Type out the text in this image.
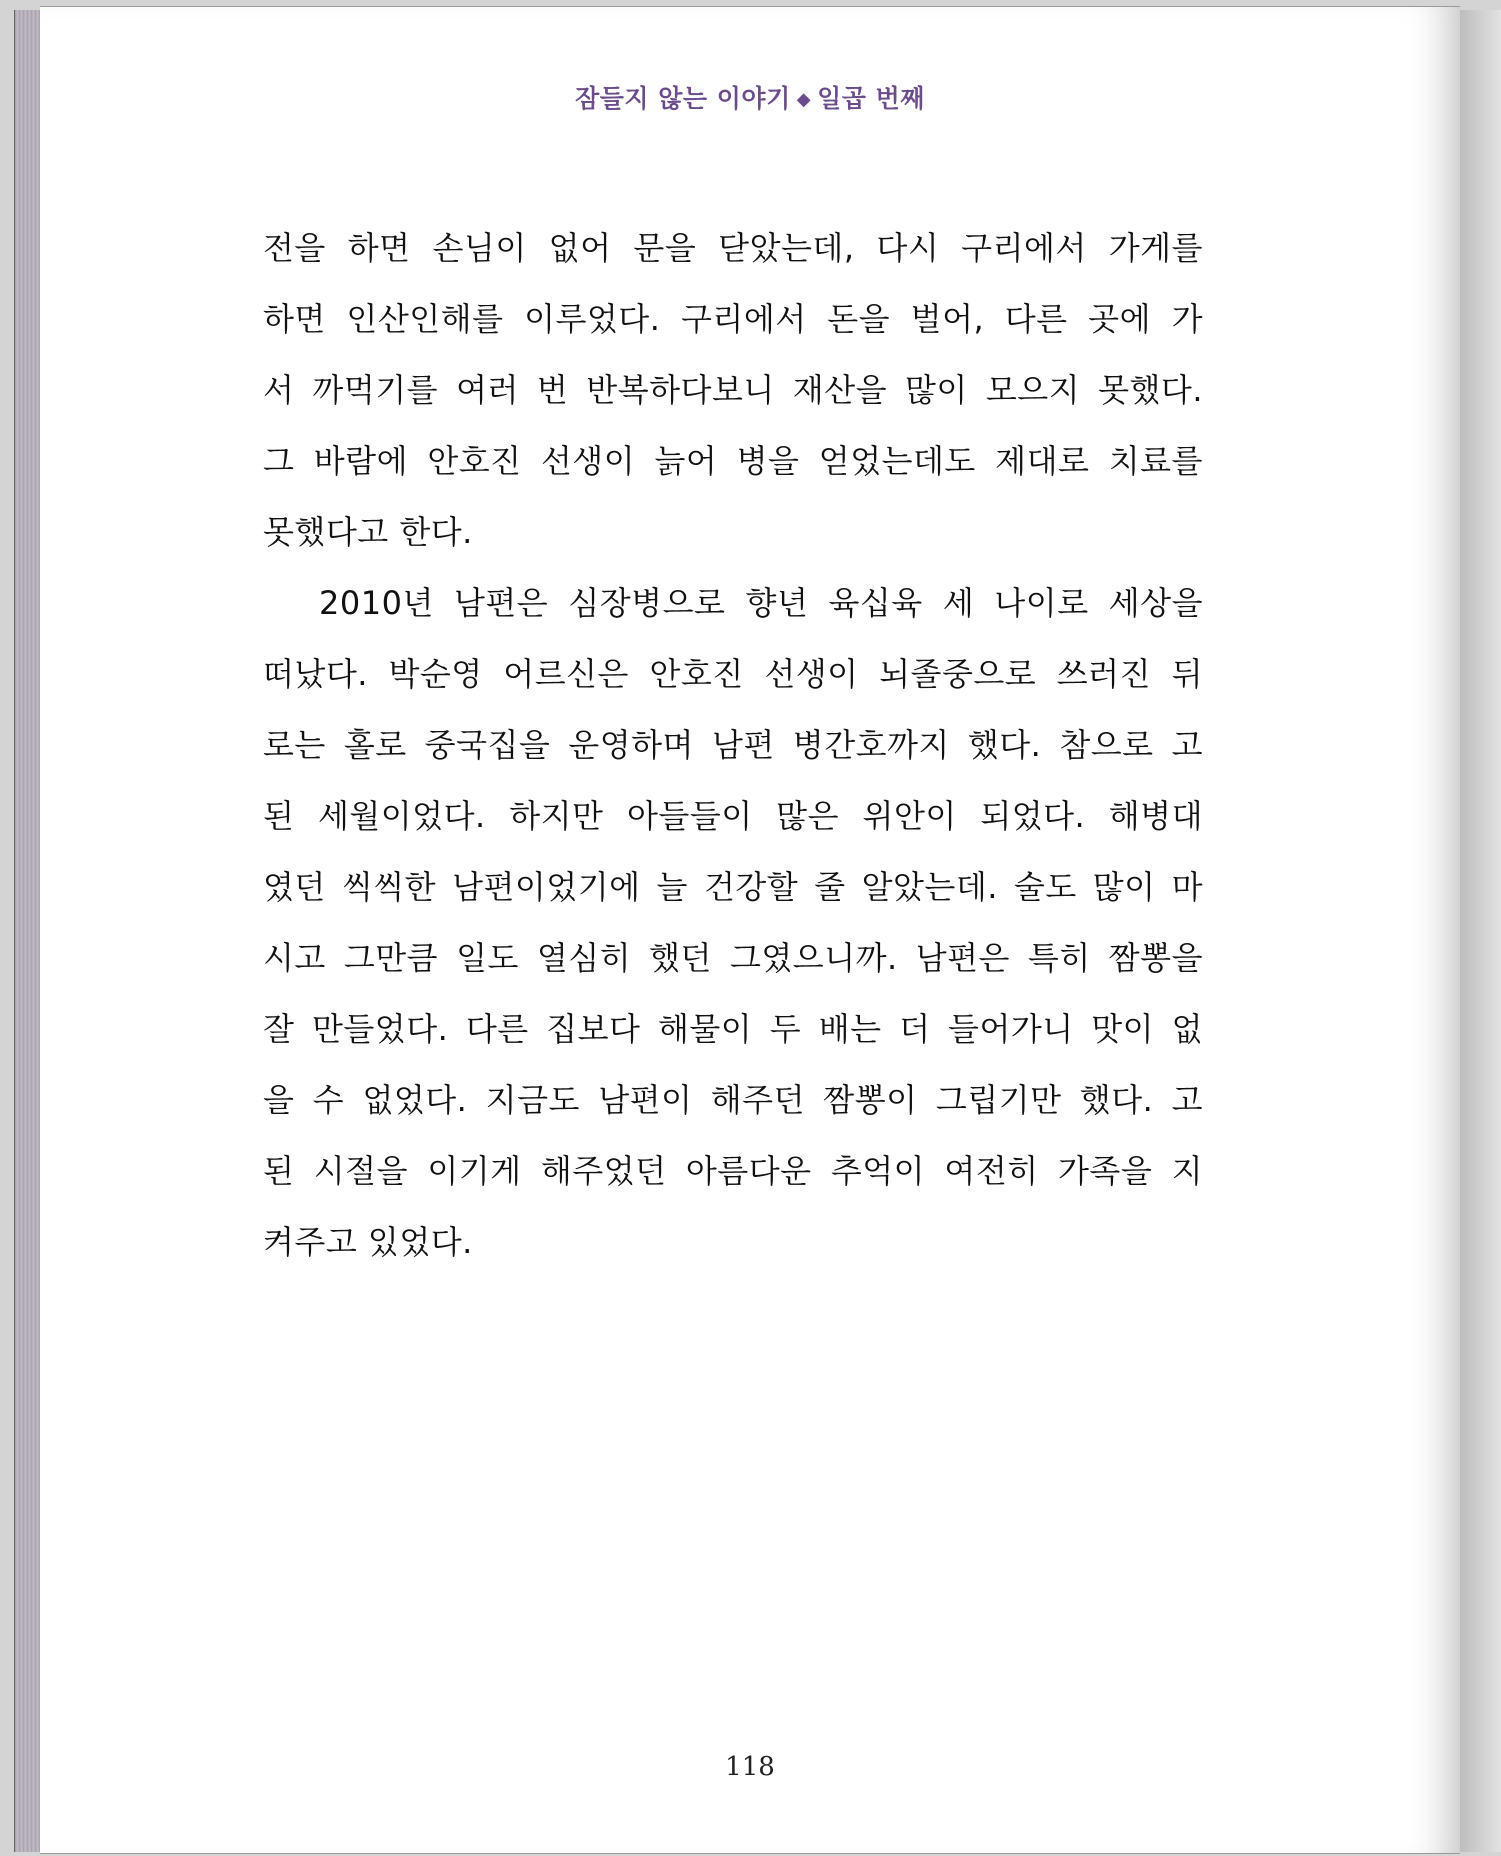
잠들지 않는 이야기 ◆ 일곱 번째
전을 하면 손님이 없어 문을 닫았는데, 다시 구리에서 가게를
하면 인산인해를 이루었다. 구리에서 돈을 벌어, 다른 곳에 가
서 까먹기를 여러 번 반복하다보니 재산을 많이 모으지 못했다.
그 바람에 안호진 선생이 늙어 병을 얻었는데도 제대로 치료를
못했다고 한다.
2010년 남편은 심장병으로 향년 육십육 세 나이로 세상을
떠났다. 박순영 어르신은 안호진 선생이 뇌졸중으로 쓰러진 뒤
로는 홀로 중국집을 운영하며 남편 병간호까지 했다. 참으로 고
된 세월이었다. 하지만 아들들이 많은 위안이 되었다. 해병대
였던 씩씩한 남편이었기에 늘 건강할 줄 알았는데. 술도 많이 마
시고 그만큼 일도 열심히 했던 그였으니까. 남편은 특히 짬뽕을
잘 만들었다. 다른 집보다 해물이 두 배는 더 들어가니 맛이 없
을 수 없었다. 지금도 남편이 해주던 짬뽕이 그립기만 했다. 고
된 시절을 이기게 해주었던 아름다운 추억이 여전히 가족을 지
켜주고 있었다.
118
